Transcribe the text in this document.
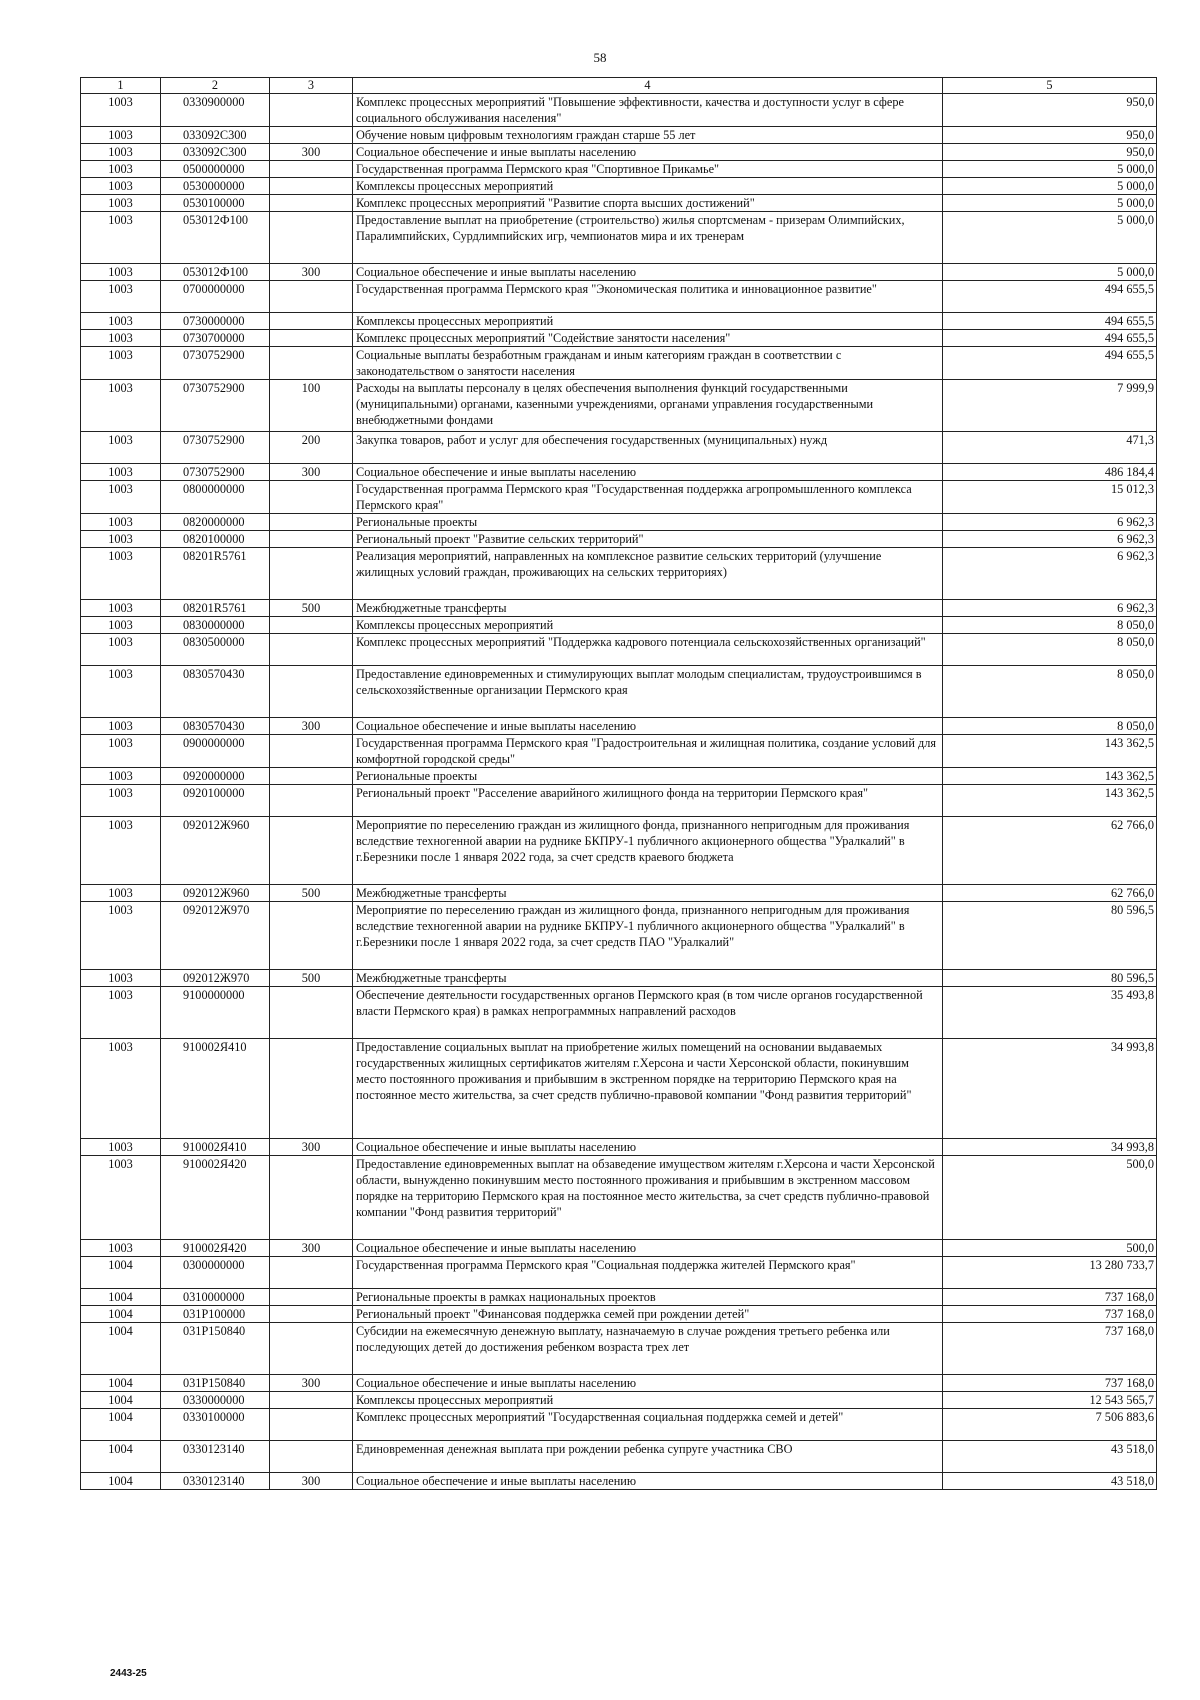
58
1	2	3	4	5
1003	0330900000		Комплекс процессных мероприятий "Повышение эффективности, качества и доступности услуг в сфере социального обслуживания населения"	950,0
1003	033092С300		Обучение новым цифровым технологиям граждан старше 55 лет	950,0
1003	033092С300	300	Социальное обеспечение и иные выплаты населению	950,0
1003	0500000000		Государственная программа Пермского края "Спортивное Прикамье"	5 000,0
1003	0530000000		Комплексы процессных мероприятий	5 000,0
1003	0530100000		Комплекс процессных мероприятий "Развитие спорта высших достижений"	5 000,0
1003	053012Ф100		Предоставление выплат на приобретение (строительство) жилья спортсменам - призерам Олимпийских, Паралимпийских, Сурдлимпийских игр, чемпионатов мира и их тренерам	5 000,0
1003	053012Ф100	300	Социальное обеспечение и иные выплаты населению	5 000,0
1003	0700000000		Государственная программа Пермского края "Экономическая политика и инновационное развитие"	494 655,5
1003	0730000000		Комплексы процессных мероприятий	494 655,5
1003	0730700000		Комплекс процессных мероприятий "Содействие занятости населения"	494 655,5
1003	0730752900		Социальные выплаты безработным гражданам и иным категориям граждан в соответствии с законодательством о занятости населения	494 655,5
1003	0730752900	100	Расходы на выплаты персоналу в целях обеспечения выполнения функций государственными (муниципальными) органами, казенными учреждениями, органами управления государственными внебюджетными фондами	7 999,9
1003	0730752900	200	Закупка товаров, работ и услуг для обеспечения государственных (муниципальных) нужд	471,3
1003	0730752900	300	Социальное обеспечение и иные выплаты населению	486 184,4
1003	0800000000		Государственная программа Пермского края "Государственная поддержка агропромышленного комплекса Пермского края"	15 012,3
1003	0820000000		Региональные проекты	6 962,3
1003	0820100000		Региональный проект "Развитие сельских территорий"	6 962,3
1003	08201R5761		Реализация мероприятий, направленных на комплексное развитие сельских территорий (улучшение жилищных условий граждан, проживающих на сельских территориях)	6 962,3
1003	08201R5761	500	Межбюджетные трансферты	6 962,3
1003	0830000000		Комплексы процессных мероприятий	8 050,0
1003	0830500000		Комплекс процессных мероприятий "Поддержка кадрового потенциала сельскохозяйственных организаций"	8 050,0
1003	0830570430		Предоставление единовременных и стимулирующих выплат молодым специалистам, трудоустроившимся в сельскохозяйственные организации Пермского края	8 050,0
1003	0830570430	300	Социальное обеспечение и иные выплаты населению	8 050,0
1003	0900000000		Государственная программа Пермского края "Градостроительная и жилищная политика, создание условий для комфортной городской среды"	143 362,5
1003	0920000000		Региональные проекты	143 362,5
1003	0920100000		Региональный проект "Расселение аварийного жилищного фонда на территории Пермского края"	143 362,5
1003	092012Ж960		Мероприятие по переселению граждан из жилищного фонда, признанного непригодным для проживания вследствие техногенной аварии на руднике БКПРУ-1 публичного акционерного общества "Уралкалий" в г.Березники после 1 января 2022 года, за счет средств краевого бюджета	62 766,0
1003	092012Ж960	500	Межбюджетные трансферты	62 766,0
1003	092012Ж970		Мероприятие по переселению граждан из жилищного фонда, признанного непригодным для проживания вследствие техногенной аварии на руднике БКПРУ-1 публичного акционерного общества "Уралкалий" в г.Березники после 1 января 2022 года, за счет средств ПАО "Уралкалий"	80 596,5
1003	092012Ж970	500	Межбюджетные трансферты	80 596,5
1003	9100000000		Обеспечение деятельности государственных органов Пермского края (в том числе органов государственной власти Пермского края) в рамках непрограммных направлений расходов	35 493,8
1003	910002Я410		Предоставление социальных выплат на приобретение жилых помещений на основании выдаваемых государственных жилищных сертификатов жителям г.Херсона и части Херсонской области, покинувшим место постоянного проживания и прибывшим в экстренном порядке на территорию Пермского края на постоянное место жительства, за счет средств публично-правовой компании "Фонд развития территорий"	34 993,8
1003	910002Я410	300	Социальное обеспечение и иные выплаты населению	34 993,8
1003	910002Я420		Предоставление единовременных выплат на обзаведение имуществом жителям г.Херсона и части Херсонской области, вынужденно покинувшим место постоянного проживания и прибывшим в экстренном массовом порядке на территорию Пермского края на постоянное место жительства, за счет средств публично-правовой компании "Фонд развития территорий"	500,0
1003	910002Я420	300	Социальное обеспечение и иные выплаты населению	500,0
1004	0300000000		Государственная программа Пермского края "Социальная поддержка жителей Пермского края"	13 280 733,7
1004	0310000000		Региональные проекты в рамках национальных проектов	737 168,0
1004	031Р100000		Региональный проект "Финансовая поддержка семей при рождении детей"	737 168,0
1004	031Р150840		Субсидии на ежемесячную денежную выплату, назначаемую в случае рождения третьего ребенка или последующих детей до достижения ребенком возраста трех лет	737 168,0
1004	031Р150840	300	Социальное обеспечение и иные выплаты населению	737 168,0
1004	0330000000		Комплексы процессных мероприятий	12 543 565,7
1004	0330100000		Комплекс процессных мероприятий "Государственная социальная поддержка семей и детей"	7 506 883,6
1004	0330123140		Единовременная денежная выплата при рождении ребенка супруге участника СВО	43 518,0
1004	0330123140	300	Социальное обеспечение и иные выплаты населению	43 518,0
2443-25
